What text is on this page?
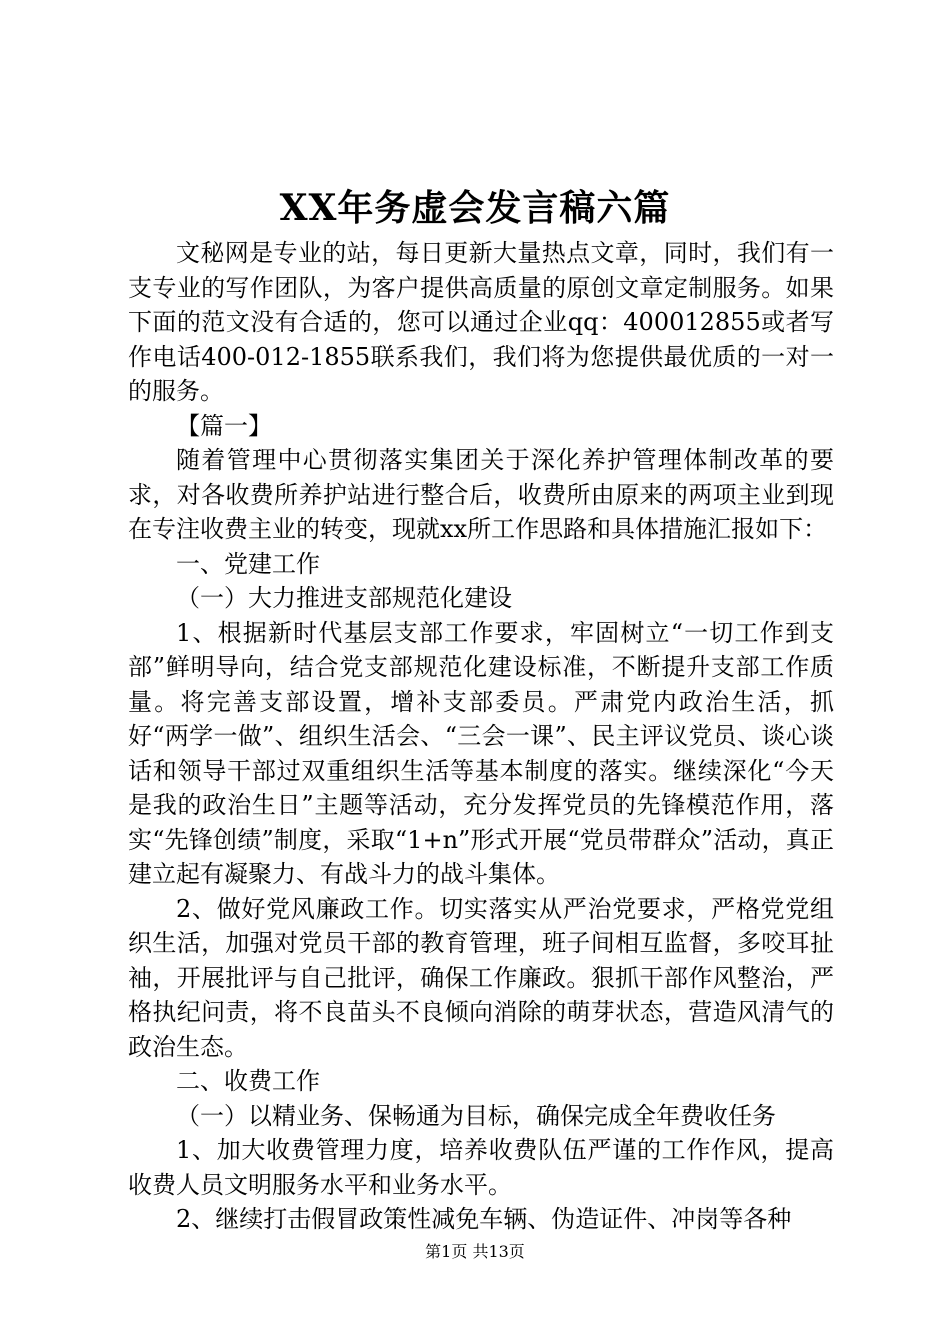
XX年务虚会发言稿六篇

文秘网是专业的站，每日更新大量热点文章，同时，我们有一支专业的写作团队，为客户提供高质量的原创文章定制服务。如果下面的范文没有合适的，您可以通过企业qq：400012855或者写作电话400-012-1855联系我们，我们将为您提供最优质的一对一的服务。

【篇一】

随着管理中心贯彻落实集团关于深化养护管理体制改革的要求，对各收费所养护站进行整合后，收费所由原来的两项主业到现在专注收费主业的转变，现就xx所工作思路和具体措施汇报如下：

一、党建工作

（一）大力推进支部规范化建设

1、根据新时代基层支部工作要求，牢固树立“一切工作到支部”鲜明导向，结合党支部规范化建设标准，不断提升支部工作质量。将完善支部设置，增补支部委员。严肃党内政治生活，抓好“两学一做”、组织生活会、“三会一课”、民主评议党员、谈心谈话和领导干部过双重组织生活等基本制度的落实。继续深化“今天是我的政治生日”主题等活动，充分发挥党员的先锋模范作用，落实“先锋创绩”制度，采取“1+n”形式开展“党员带群众”活动，真正建立起有凝聚力、有战斗力的战斗集体。

2、做好党风廉政工作。切实落实从严治党要求，严格党党组织生活，加强对党员干部的教育管理，班子间相互监督，多咬耳扯袖，开展批评与自己批评，确保工作廉政。狠抓干部作风整治，严格执纪问责，将不良苗头不良倾向消除的萌芽状态，营造风清气的政治生态。

二、收费工作

（一）以精业务、保畅通为目标，确保完成全年费收任务

1、加大收费管理力度，培养收费队伍严谨的工作作风，提高收费人员文明服务水平和业务水平。

2、继续打击假冒政策性减免车辆、伪造证件、冲岗等各种

第1页 共13页
